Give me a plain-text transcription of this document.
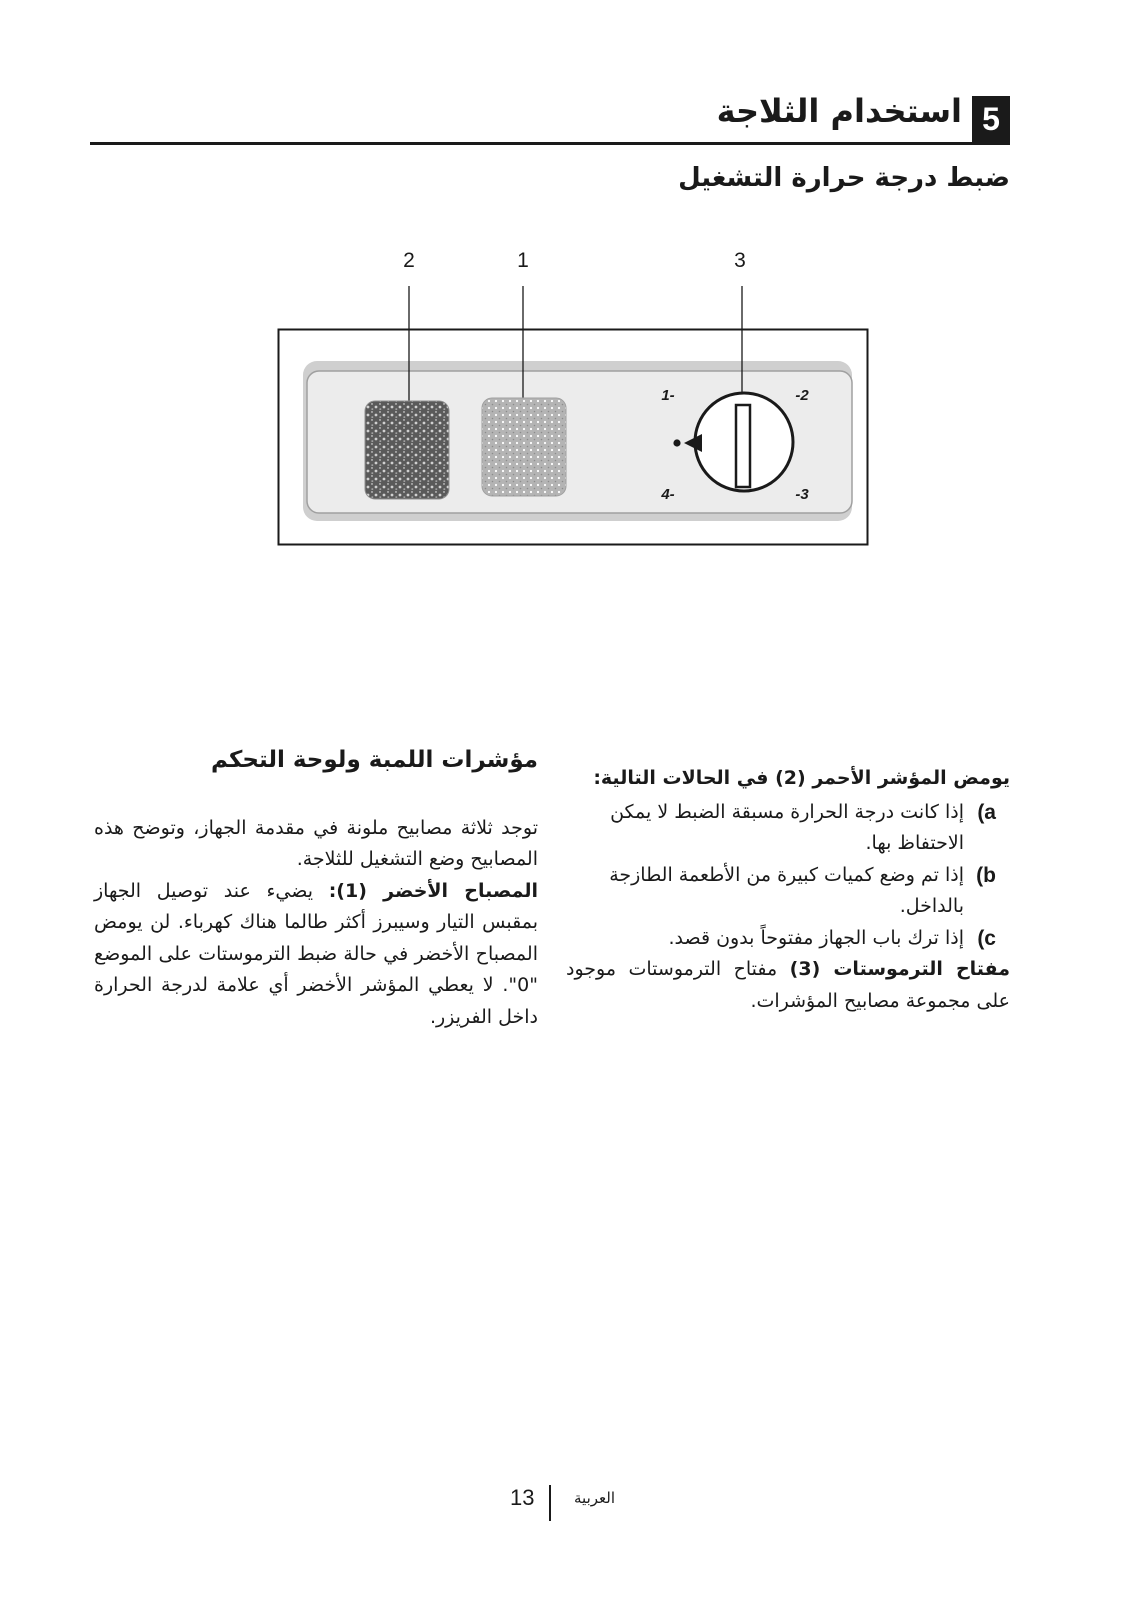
5
استخدام الثلاجة
ضبط درجة حرارة التشغيل
2	1	3
1-	-2
4-	-3

يومض المؤشر الأحمر (2) في الحالات التالية:

(a

إذا كانت درجة الحرارة مسبقة الضبط لا يمكن الاحتفاظ بها.

(b

إذا تم وضع كميات كبيرة من الأطعمة الطازجة بالداخل.

(c

إذا ترك باب الجهاز مفتوحاً بدون قصد.

مفتاح الترموستات (3) مفتاح الترموستات موجود على مجموعة مصابيح المؤشرات.

مؤشرات اللمبة ولوحة التحكم

توجد ثلاثة مصابيح ملونة في مقدمة الجهاز، وتوضح هذه المصابيح وضع التشغيل للثلاجة.

المصباح الأخضر (1): يضيء عند توصيل الجهاز بمقبس التيار وسيبرز أكثر طالما هناك كهرباء. لن يومض المصباح الأخضر في حالة ضبط الترموستات على الموضع "0". لا يعطي المؤشر الأخضر أي علامة لدرجة الحرارة داخل الفريزر.

13	العربية
